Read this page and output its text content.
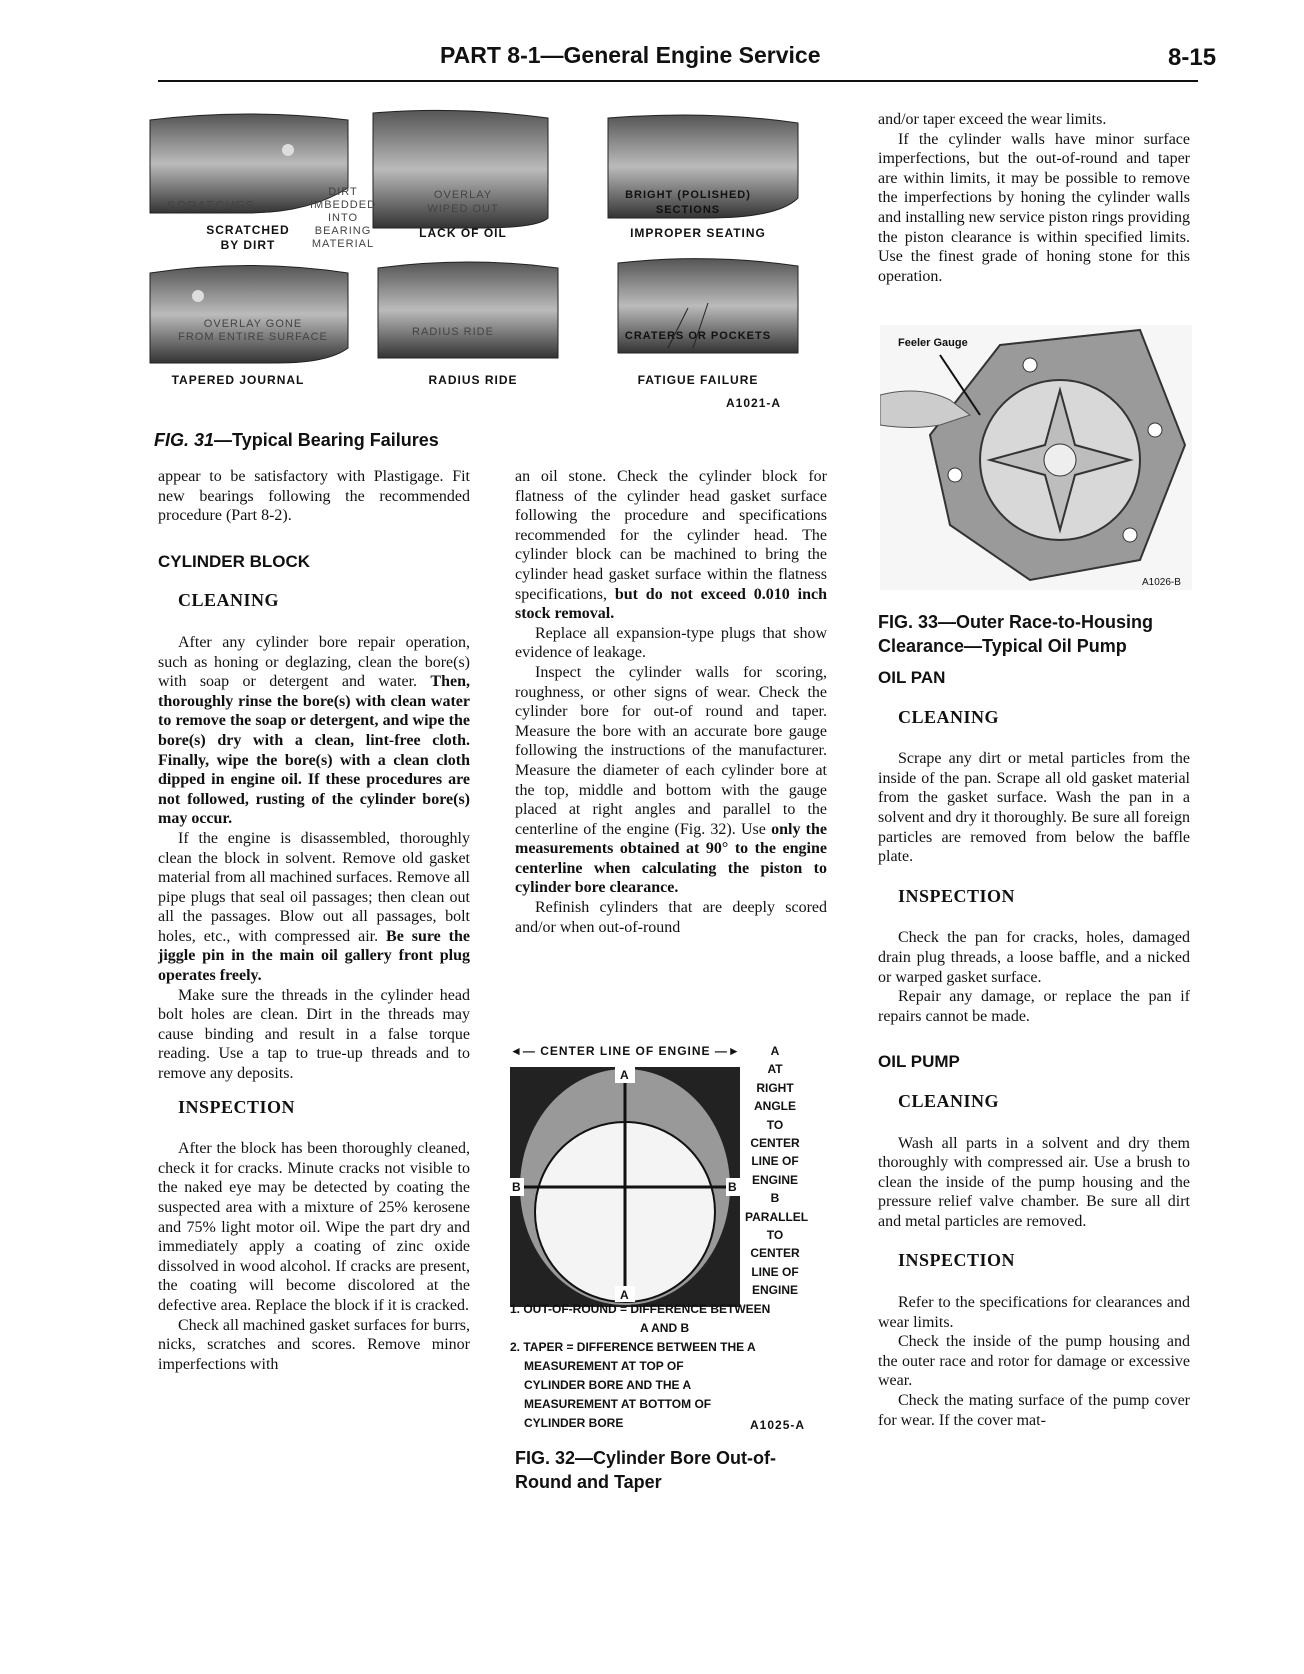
PART 8-1—General Engine Service	8-15
SCRATCHES
DIRT
IMBEDDED
INTO
BEARING
MATERIAL
OVERLAY
WIPED OUT
BRIGHT (POLISHED)
SECTIONS
OVERLAY GONE
FROM ENTIRE SURFACE	RADIUS RIDE	CRATERS OR POCKETS
SCRATCHED
BY DIRT
LACK OF OIL	IMPROPER SEATING
TAPERED JOURNAL	RADIUS RIDE	FATIGUE FAILURE
A1021-A
FIG. 31—Typical Bearing Failures

appear to be satisfactory with Plastigage. Fit new bearings following the recommended procedure (Part 8-2).

CYLINDER BLOCK
CLEANING

After any cylinder bore repair operation, such as honing or deglazing, clean the bore(s) with soap or detergent and water. Then, thoroughly rinse the bore(s) with clean water to remove the soap or detergent, and wipe the bore(s) dry with a clean, lint-free cloth. Finally, wipe the bore(s) with a clean cloth dipped in engine oil. If these procedures are not followed, rusting of the cylinder bore(s) may occur.

If the engine is disassembled, thoroughly clean the block in solvent. Remove old gasket material from all machined surfaces. Remove all pipe plugs that seal oil passages; then clean out all the passages. Blow out all passages, bolt holes, etc., with compressed air. Be sure the jiggle pin in the main oil gallery front plug operates freely.

Make sure the threads in the cylinder head bolt holes are clean. Dirt in the threads may cause binding and result in a false torque reading. Use a tap to true-up threads and to remove any deposits.

INSPECTION

After the block has been thoroughly cleaned, check it for cracks. Minute cracks not visible to the naked eye may be detected by coating the suspected area with a mixture of 25% kerosene and 75% light motor oil. Wipe the part dry and immediately apply a coating of zinc oxide dissolved in wood alcohol. If cracks are present, the coating will become discolored at the defective area. Replace the block if it is cracked.

Check all machined gasket surfaces for burrs, nicks, scratches and scores. Remove minor imperfections with

an oil stone. Check the cylinder block for flatness of the cylinder head gasket surface following the procedure and specifications recommended for the cylinder head. The cylinder block can be machined to bring the cylinder head gasket surface within the flatness specifications, but do not exceed 0.010 inch stock removal.

Replace all expansion-type plugs that show evidence of leakage.

Inspect the cylinder walls for scoring, roughness, or other signs of wear. Check the cylinder bore for out-of round and taper. Measure the bore with an accurate bore gauge following the instructions of the manufacturer. Measure the diameter of each cylinder bore at the top, middle and bottom with the gauge placed at right angles and parallel to the centerline of the engine (Fig. 32). Use only the measurements obtained at 90° to the engine centerline when calculating the piston to cylinder bore clearance.

Refinish cylinders that are deeply scored and/or when out-of-round

◄— CENTER LINE OF ENGINE —►
A
A
B	B
A
AT
RIGHT
ANGLE
TO
CENTER
LINE OF
ENGINE
B
PARALLEL
TO
CENTER
LINE OF
ENGINE
1. OUT-OF-ROUND = DIFFERENCE BETWEEN
A AND B
2. TAPER = DIFFERENCE BETWEEN THE A
MEASUREMENT AT TOP OF
CYLINDER BORE AND THE A
MEASUREMENT AT BOTTOM OF
CYLINDER BORE	A1025-A
FIG. 32—Cylinder Bore Out-of-Round and Taper

and/or taper exceed the wear limits.

If the cylinder walls have minor surface imperfections, but the out-of-round and taper are within limits, it may be possible to remove the imperfections by honing the cylinder walls and installing new service piston rings providing the piston clearance is within specified limits. Use the finest grade of honing stone for this operation.

Feeler Gauge
A1026-B
FIG. 33—Outer Race-to-Housing Clearance—Typical Oil Pump
OIL PAN
CLEANING

Scrape any dirt or metal particles from the inside of the pan. Scrape all old gasket material from the gasket surface. Wash the pan in a solvent and dry it thoroughly. Be sure all foreign particles are removed from below the baffle plate.

INSPECTION

Check the pan for cracks, holes, damaged drain plug threads, a loose baffle, and a nicked or warped gasket surface.

Repair any damage, or replace the pan if repairs cannot be made.

OIL PUMP
CLEANING

Wash all parts in a solvent and dry them thoroughly with compressed air. Use a brush to clean the inside of the pump housing and the pressure relief valve chamber. Be sure all dirt and metal particles are removed.

INSPECTION

Refer to the specifications for clearances and wear limits.

Check the inside of the pump housing and the outer race and rotor for damage or excessive wear.

Check the mating surface of the pump cover for wear. If the cover mat-
